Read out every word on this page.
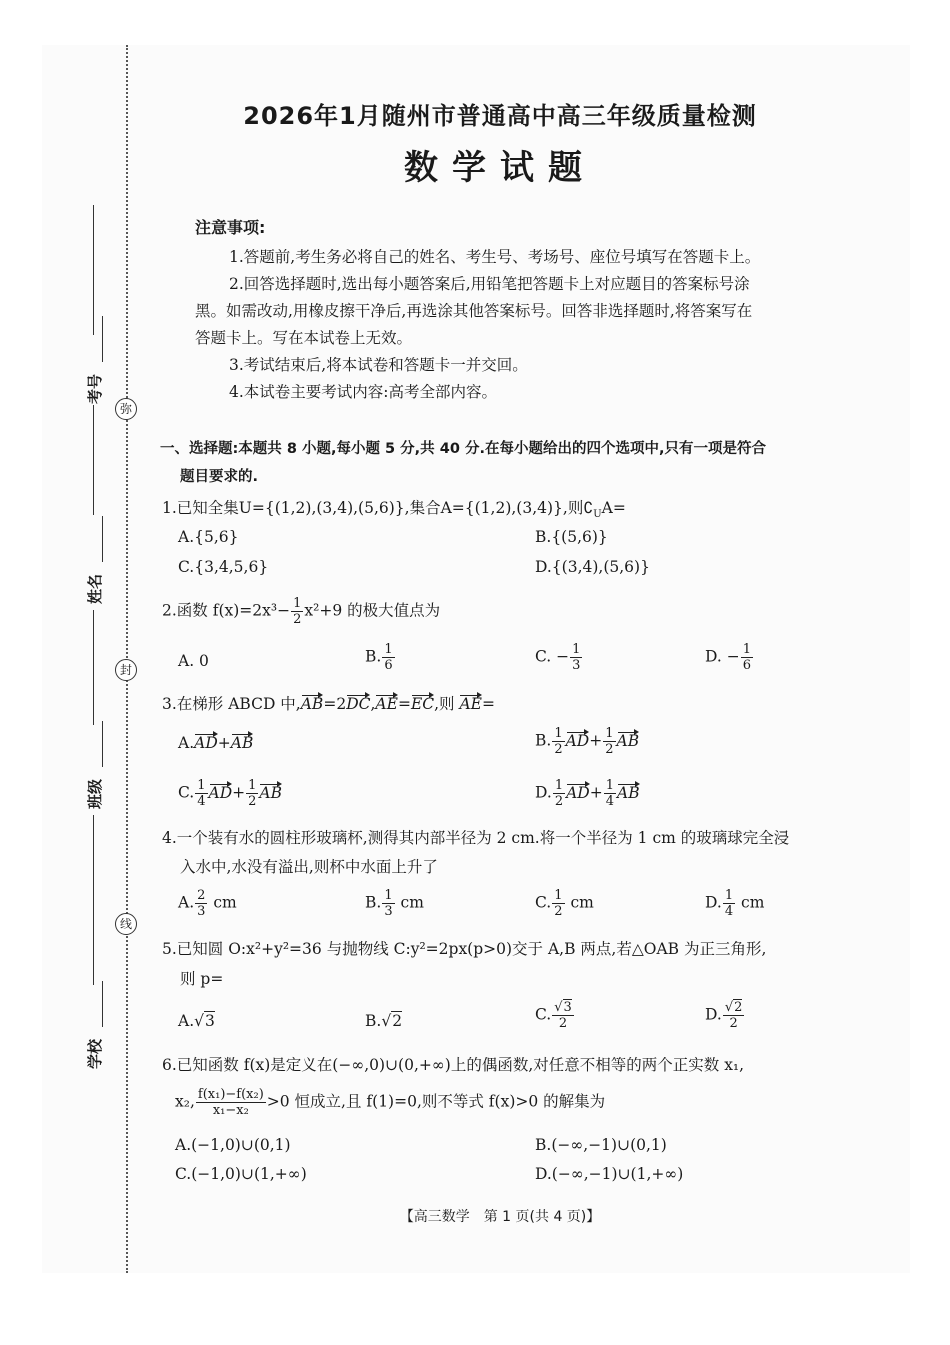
弥
封
线
考号
姓名
班级
学校
2026年1月随州市普通高中高三年级质量检测
数学试题
注意事项:
1.答题前,考生务必将自己的姓名、考生号、考场号、座位号填写在答题卡上。
2.回答选择题时,选出每小题答案后,用铅笔把答题卡上对应题目的答案标号涂
黑。如需改动,用橡皮擦干净后,再选涂其他答案标号。回答非选择题时,将答案写在
答题卡上。写在本试卷上无效。
3.考试结束后,将本试卷和答题卡一并交回。
4.本试卷主要考试内容:高考全部内容。
一、选择题:本题共 8 小题,每小题 5 分,共 40 分.在每小题给出的四个选项中,只有一项是符合
题目要求的.
1.已知全集U={(1,2),(3,4),(5,6)},集合A={(1,2),(3,4)},则$∁_UA=$
A.{5,6}	B.{(5,6)}
C.{3,4,5,6}	D.{(3,4),(5,6)}
2.函数 $f(x)=2x^3- \frac{1}{2} x^2+9$ 的极大值点为
A. 0	B. $\frac{1}{6}$	C. − $\frac{1}{3}$	D. − $\frac{1}{6}$
3.在梯形 ABCD 中,AB=2DC,AE=EC,则 AE=
A.AD+AB	B. $\frac{1}{2} AD+ \frac{1}{2}$ AB
C. $\frac{1}{4} AD+ \frac{1}{2}$ AB	D. $\frac{1}{2} AD+ \frac{1}{4}$ AB
4.一个装有水的圆柱形玻璃杯,测得其内部半径为 2 cm.将一个半径为 1 cm 的玻璃球完全浸
入水中,水没有溢出,则杯中水面上升了
A. $\frac{2}{3}$ cm	B. $\frac{1}{3}$ cm	C. $\frac{1}{2}$ cm	D. $\frac{1}{4}$ cm
5.已知圆 O:x²+y²=36 与抛物线 C:y²=2px(p>0)交于 A,B 两点,若△OAB 为正三角形,
则 p=
A.√3	B.√2	C. $\frac{√3}{2}$	D. $\frac{√2}{2}$
6.已知函数 f(x)是定义在(−∞,0)∪(0,+∞)上的偶函数,对任意不相等的两个正实数 x₁,
x₂, $\frac{\text{f(x₁)−f(x₂)}}{\text{x₁−x₂}} >0$ 恒成立,且 f(1)=0,则不等式 f(x)>0 的解集为
A.(−1,0)∪(0,1)	B.(−∞,−1)∪(0,1)
C.(−1,0)∪(1,+∞)	D.(−∞,−1)∪(1,+∞)
【高三数学　第 1 页(共 4 页)】
